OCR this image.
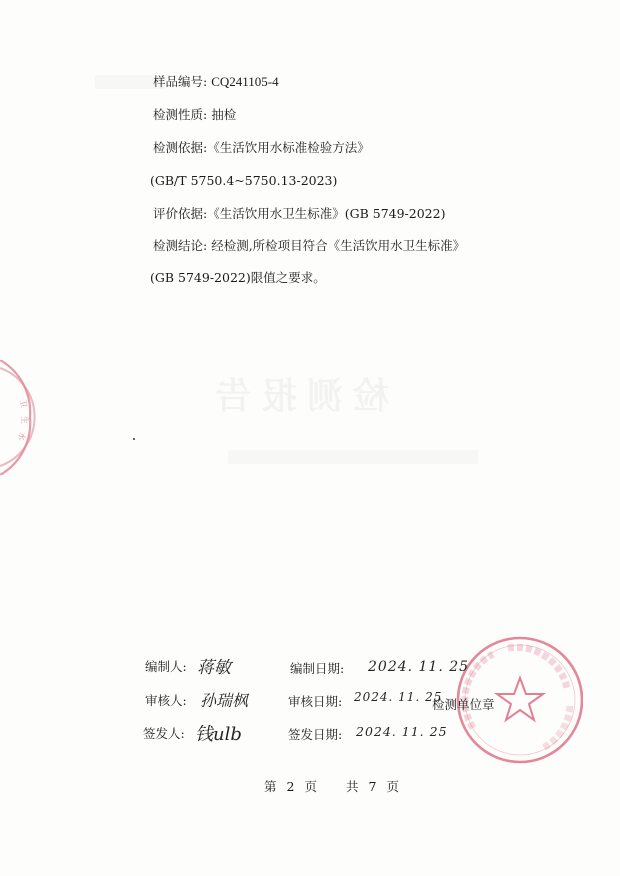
样品编号: CQ241105-4
检测性质: 抽检
检测依据:《生活饮用水标准检验方法》
(GB/T 5750.4~5750.13-2023)
评价依据:《生活饮用水卫生标准》(GB 5749-2022)
检测结论: 经检测,所检项目符合《生活饮用水卫生标准》
(GB 5749-2022)限值之要求。
卫
生
水
编制人: 蒋敏	编制日期: 2024. 11. 25
审核人: 孙瑞枫	审核日期: 2024. 11. 25
检测单位章
签发人: 钱ulb	签发日期: 2024. 11. 25
第 2 页 共 7 页
